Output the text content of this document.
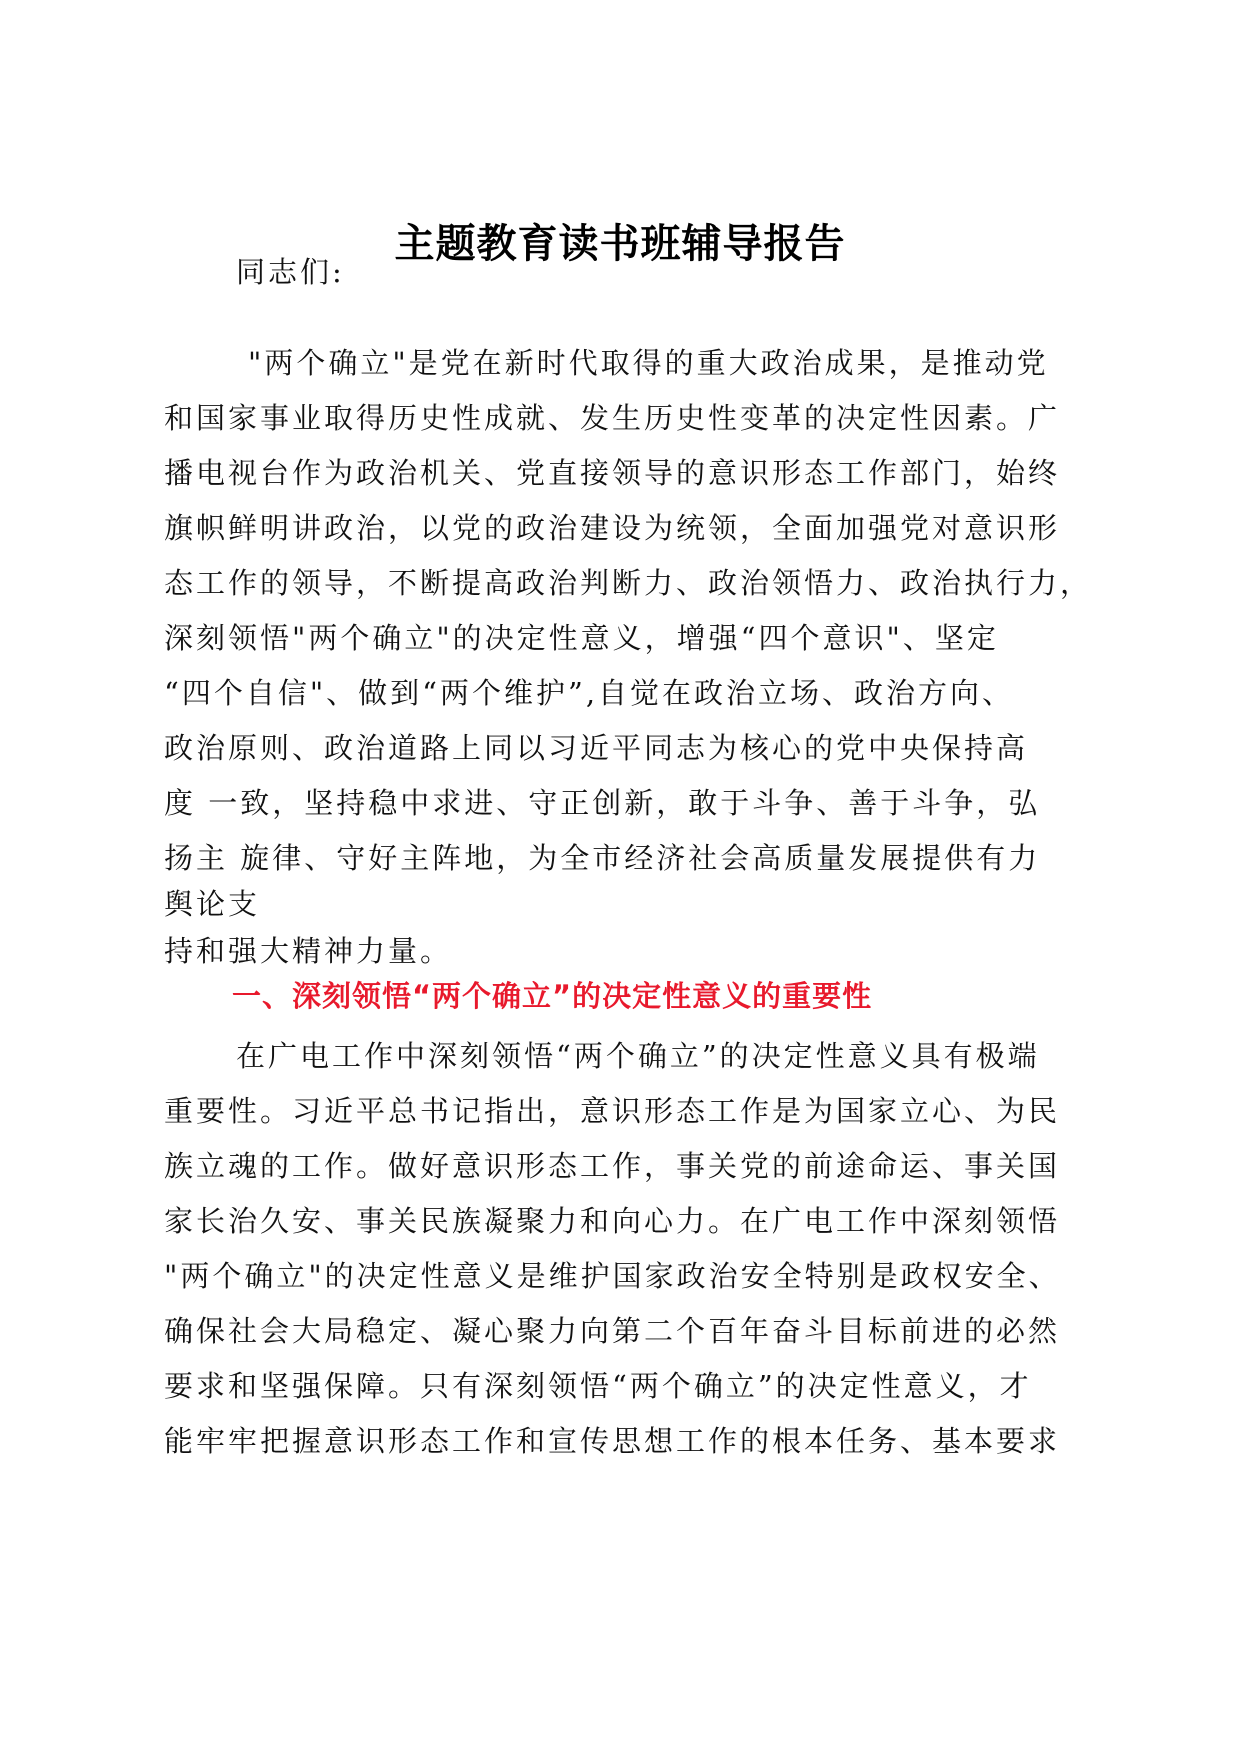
主题教育读书班辅导报告
同志们:
"两个确立"是党在新时代取得的重大政治成果，是推动党
和国家事业取得历史性成就、发生历史性变革的决定性因素。广
播电视台作为政治机关、党直接领导的意识形态工作部门，始终
旗帜鲜明讲政治，以党的政治建设为统领，全面加强党对意识形
态工作的领导，不断提高政治判断力、政治领悟力、政治执行力，
深刻领悟"两个确立"的决定性意义，增强“四个意识"、坚定
“四个自信"、做到“两个维护”,自觉在政治立场、政治方向、
政治原则、政治道路上同以习近平同志为核心的党中央保持高
度 一致，坚持稳中求进、守正创新，敢于斗争、善于斗争，弘
扬主 旋律、守好主阵地，为全市经济社会高质量发展提供有力
舆论支
持和强大精神力量。
一、深刻领悟“两个确立”的决定性意义的重要性
在广电工作中深刻领悟“两个确立”的决定性意义具有极端
重要性。习近平总书记指出，意识形态工作是为国家立心、为民
族立魂的工作。做好意识形态工作，事关党的前途命运、事关国
家长治久安、事关民族凝聚力和向心力。在广电工作中深刻领悟
"两个确立"的决定性意义是维护国家政治安全特别是政权安全、
确保社会大局稳定、凝心聚力向第二个百年奋斗目标前进的必然
要求和坚强保障。只有深刻领悟“两个确立”的决定性意义，才
能牢牢把握意识形态工作和宣传思想工作的根本任务、基本要求
